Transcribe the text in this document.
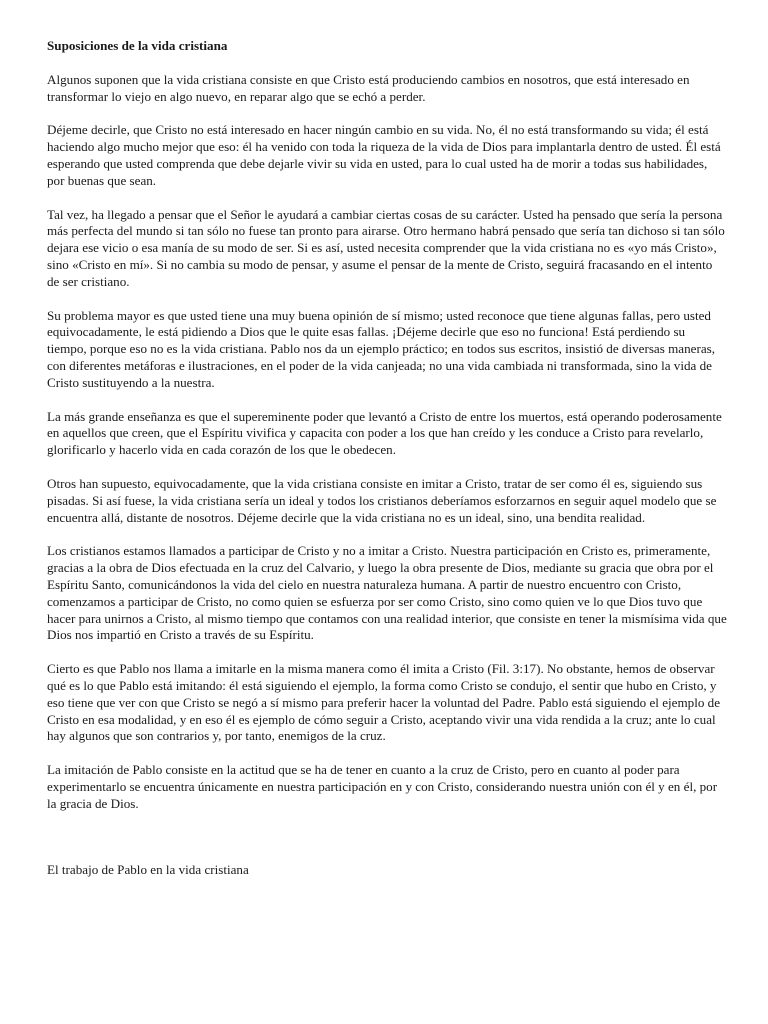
Suposiciones de la vida cristiana

Algunos suponen que la vida cristiana consiste en que Cristo está produciendo cambios en nosotros, que está interesado en transformar lo viejo en algo nuevo, en reparar algo que se echó a perder.

Déjeme decirle, que Cristo no está interesado en hacer ningún cambio en su vida. No, él no está transformando su vida; él está haciendo algo mucho mejor que eso: él ha venido con toda la riqueza de la vida de Dios para implantarla dentro de usted. Él está esperando que usted comprenda que debe dejarle vivir su vida en usted, para lo cual usted ha de morir a todas sus habilidades, por buenas que sean.

Tal vez, ha llegado a pensar que el Señor le ayudará a cambiar ciertas cosas de su carácter. Usted ha pensado que sería la persona más perfecta del mundo si tan sólo no fuese tan pronto para airarse. Otro hermano habrá pensado que sería tan dichoso si tan sólo dejara ese vicio o esa manía de su modo de ser. Si es así, usted necesita comprender que la vida cristiana no es «yo más Cristo», sino «Cristo en mí». Si no cambia su modo de pensar, y asume el pensar de la mente de Cristo, seguirá fracasando en el intento de ser cristiano.

Su problema mayor es que usted tiene una muy buena opinión de sí mismo; usted reconoce que tiene algunas fallas, pero usted equivocadamente, le está pidiendo a Dios que le quite esas fallas. ¡Déjeme decirle que eso no funciona! Está perdiendo su tiempo, porque eso no es la vida cristiana. Pablo nos da un ejemplo práctico; en todos sus escritos, insistió de diversas maneras, con diferentes metáforas e ilustraciones, en el poder de la vida canjeada; no una vida cambiada ni transformada, sino la vida de Cristo sustituyendo a la nuestra.

La más grande enseñanza es que el supereminente poder que levantó a Cristo de entre los muertos, está operando poderosamente en aquellos que creen, que el Espíritu vivifica y capacita con poder a los que han creído y les conduce a Cristo para revelarlo, glorificarlo y hacerlo vida en cada corazón de los que le obedecen.

Otros han supuesto, equivocadamente, que la vida cristiana consiste en imitar a Cristo, tratar de ser como él es, siguiendo sus pisadas. Si así fuese, la vida cristiana sería un ideal y todos los cristianos deberíamos esforzarnos en seguir aquel modelo que se encuentra allá, distante de nosotros. Déjeme decirle que la vida cristiana no es un ideal, sino, una bendita realidad.

Los cristianos estamos llamados a participar de Cristo y no a imitar a Cristo. Nuestra participación en Cristo es, primeramente, gracias a la obra de Dios efectuada en la cruz del Calvario, y luego la obra presente de Dios, mediante su gracia que obra por el Espíritu Santo, comunicándonos la vida del cielo en nuestra naturaleza humana. A partir de nuestro encuentro con Cristo, comenzamos a participar de Cristo, no como quien se esfuerza por ser como Cristo, sino como quien ve lo que Dios tuvo que hacer para unirnos a Cristo, al mismo tiempo que contamos con una realidad interior, que consiste en tener la mismísima vida que Dios nos impartió en Cristo a través de su Espíritu.

Cierto es que Pablo nos llama a imitarle en la misma manera como él imita a Cristo (Fil. 3:17). No obstante, hemos de observar qué es lo que Pablo está imitando: él está siguiendo el ejemplo, la forma como Cristo se condujo, el sentir que hubo en Cristo, y eso tiene que ver con que Cristo se negó a sí mismo para preferir hacer la voluntad del Padre. Pablo está siguiendo el ejemplo de Cristo en esa modalidad, y en eso él es ejemplo de cómo seguir a Cristo, aceptando vivir una vida rendida a la cruz; ante lo cual hay algunos que son contrarios y, por tanto, enemigos de la cruz.

La imitación de Pablo consiste en la actitud que se ha de tener en cuanto a la cruz de Cristo, pero en cuanto al poder para experimentarlo se encuentra únicamente en nuestra participación en y con Cristo, considerando nuestra unión con él y en él, por la gracia de Dios.

El trabajo de Pablo en la vida cristiana
